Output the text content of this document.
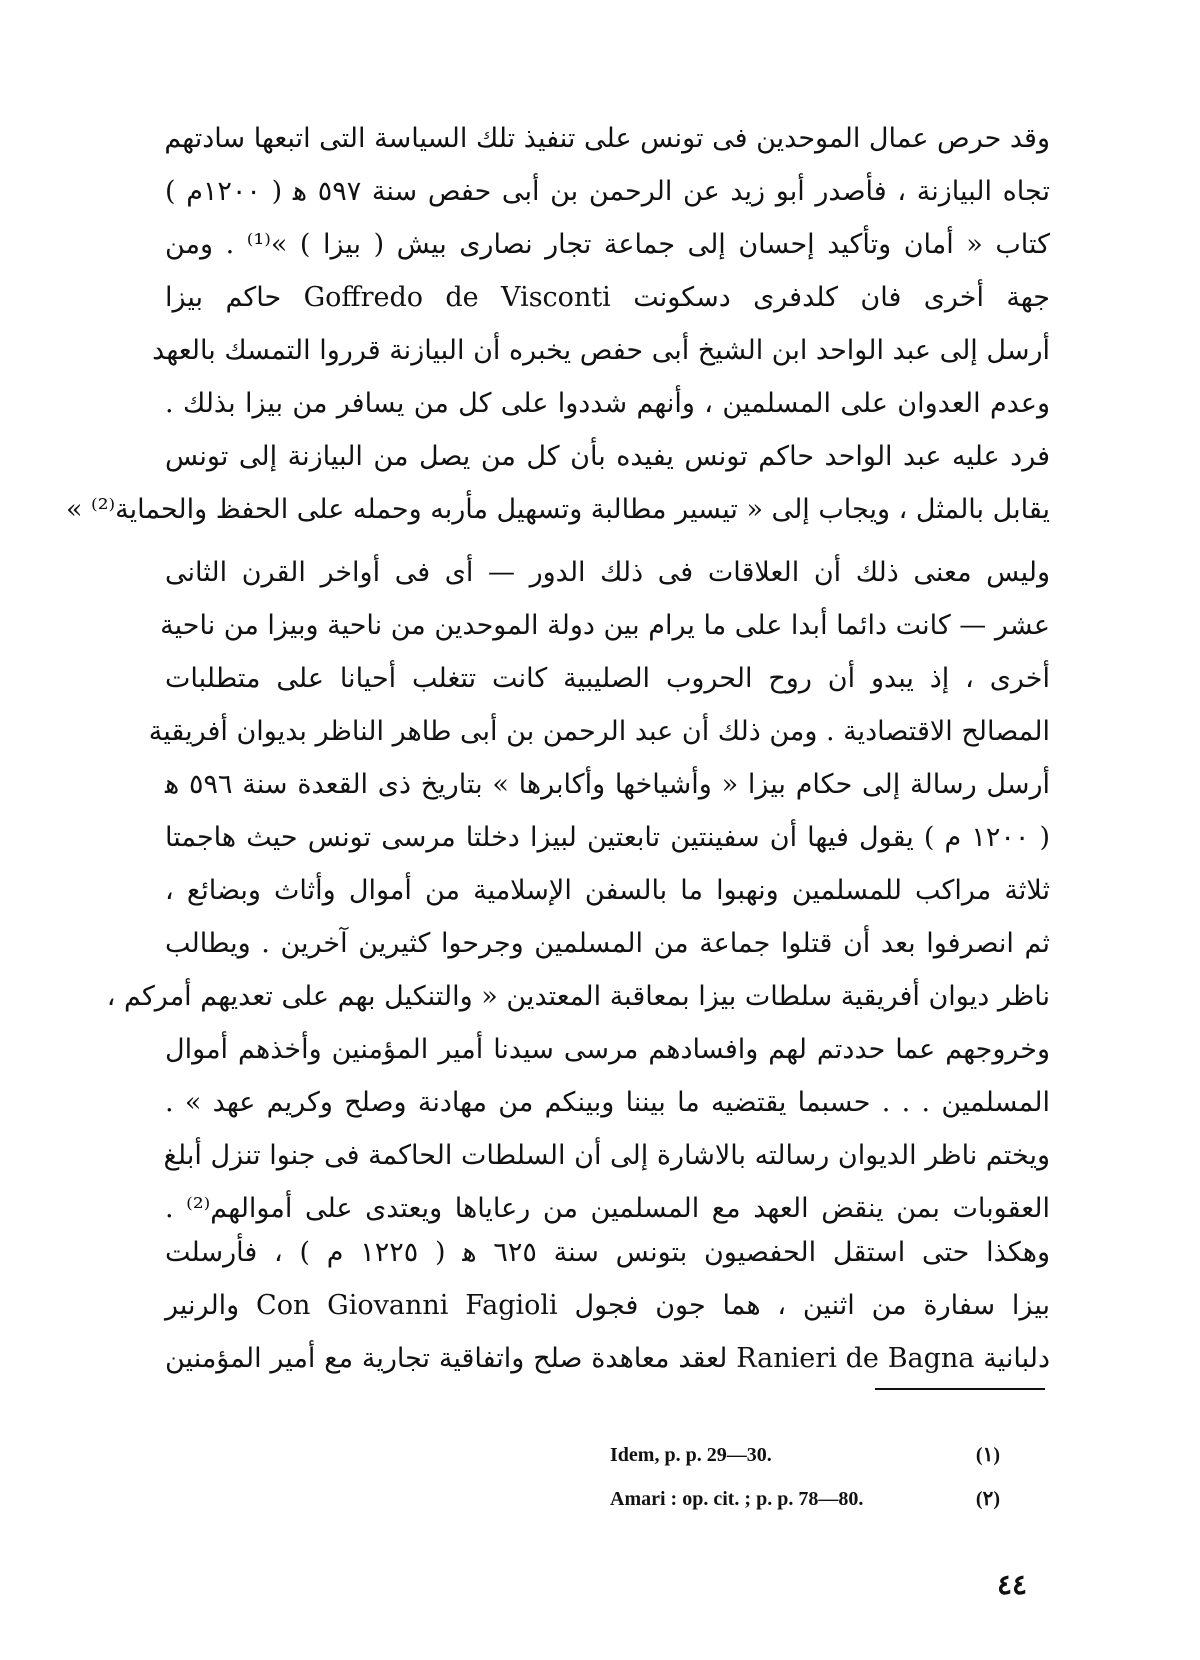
وقد حرص عمال الموحدين فى تونس على تنفيذ تلك السياسة التى اتبعها سادتهم
تجاه البيازنة ، فأصدر أبو زيد عن الرحمن بن أبى حفص سنة ٥٩٧ ﻫ ( ١٢٠٠م )
كتاب « أمان وتأكيد إحسان إلى جماعة تجار نصارى بيش ( بيزا ) »⁽¹⁾ . ومن
جهة أخرى فان كلدفرى دسكونت Goffredo de Visconti حاكم بيزا
أرسل إلى عبد الواحد ابن الشيخ أبى حفص يخبره أن البيازنة قرروا التمسك بالعهد
وعدم العدوان على المسلمين ، وأنهم شددوا على كل من يسافر من بيزا بذلك .
فرد عليه عبد الواحد حاكم تونس يفيده بأن كل من يصل من البيازنة إلى تونس
يقابل بالمثل ، ويجاب إلى « تيسير مطالبة وتسهيل مأربه وحمله على الحفظ والحماية⁽²⁾ »
وليس معنى ذلك أن العلاقات فى ذلك الدور — أى فى أواخر القرن الثانى
عشر — كانت دائما أبدا على ما يرام بين دولة الموحدين من ناحية وبيزا من ناحية
أخرى ، إذ يبدو أن روح الحروب الصليبية كانت تتغلب أحيانا على متطلبات
المصالح الاقتصادية . ومن ذلك أن عبد الرحمن بن أبى طاهر الناظر بديوان أفريقية
أرسل رسالة إلى حكام بيزا « وأشياخها وأكابرها » بتاريخ ذى القعدة سنة ٥٩٦ ﻫ
( ١٢٠٠ م ) يقول فيها أن سفينتين تابعتين لبيزا دخلتا مرسى تونس حيث هاجمتا
ثلاثة مراكب للمسلمين ونهبوا ما بالسفن الإسلامية من أموال وأثاث وبضائع ،
ثم انصرفوا بعد أن قتلوا جماعة من المسلمين وجرحوا كثيرين آخرين . ويطالب
ناظر ديوان أفريقية سلطات بيزا بمعاقبة المعتدين « والتنكيل بهم على تعديهم أمركم ،
وخروجهم عما حددتم لهم وافسادهم مرسى سيدنا أمير المؤمنين وأخذهم أموال
المسلمين . . . حسبما يقتضيه ما بيننا وبينكم من مهادنة وصلح وكريم عهد » .
ويختم ناظر الديوان رسالته بالاشارة إلى أن السلطات الحاكمة فى جنوا تنزل أبلغ
العقوبات بمن ينقض العهد مع المسلمين من رعاياها ويعتدى على أموالهم⁽²⁾ .
وهكذا حتى استقل الحفصيون بتونس سنة ٦٢٥ ﻫ ( ١٢٢٥ م ) ، فأرسلت
بيزا سفارة من اثنين ، هما جون فجول Con Giovanni Fagioli والرنير
دلبانية Ranieri de Bagna لعقد معاهدة صلح واتفاقية تجارية مع أمير المؤمنين
Idem, p. p. 29—30.	(١)
Amari : op. cit. ; p. p. 78—80.	(٢)
٤٤
